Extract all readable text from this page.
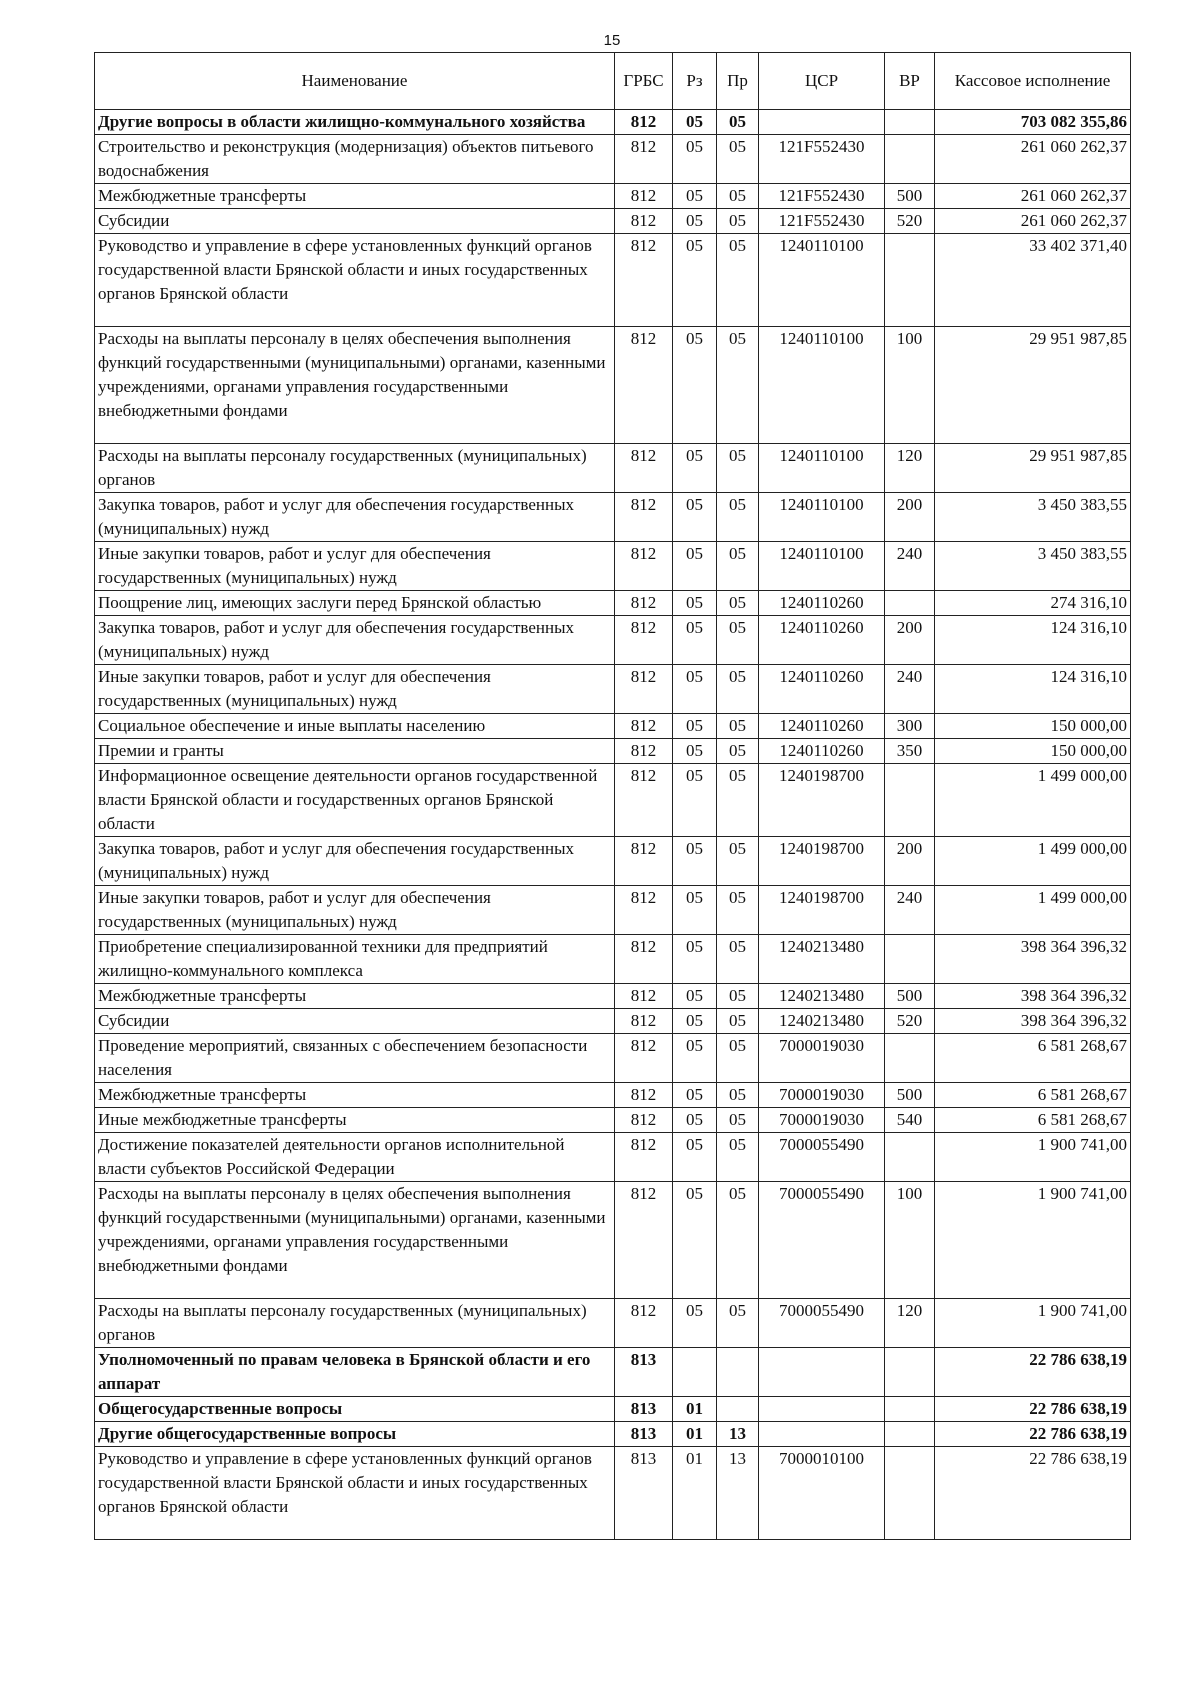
15
Наименование	ГРБС	Рз	Пр	ЦСР	ВР	Кассовое исполнение
Другие вопросы в области жилищно-коммунального хозяйства	812	05	05			703 082 355,86
Строительство и реконструкция (модернизация) объектов питьевого водоснабжения	812	05	05	121F552430		261 060 262,37
Межбюджетные трансферты	812	05	05	121F552430	500	261 060 262,37
Субсидии	812	05	05	121F552430	520	261 060 262,37
Руководство и управление в сфере установленных функций органов государственной власти Брянской области и иных государственных органов Брянской области	812	05	05	1240110100		33 402 371,40
Расходы на выплаты персоналу в целях обеспечения выполнения функций государственными (муниципальными) органами, казенными учреждениями, органами управления государственными внебюджетными фондами	812	05	05	1240110100	100	29 951 987,85
Расходы на выплаты персоналу государственных (муниципальных) органов	812	05	05	1240110100	120	29 951 987,85
Закупка товаров, работ и услуг для обеспечения государственных (муниципальных) нужд	812	05	05	1240110100	200	3 450 383,55
Иные закупки товаров, работ и услуг для обеспечения государственных (муниципальных) нужд	812	05	05	1240110100	240	3 450 383,55
Поощрение лиц, имеющих заслуги перед Брянской областью	812	05	05	1240110260		274 316,10
Закупка товаров, работ и услуг для обеспечения государственных (муниципальных) нужд	812	05	05	1240110260	200	124 316,10
Иные закупки товаров, работ и услуг для обеспечения государственных (муниципальных) нужд	812	05	05	1240110260	240	124 316,10
Социальное обеспечение и иные выплаты населению	812	05	05	1240110260	300	150 000,00
Премии и гранты	812	05	05	1240110260	350	150 000,00
Информационное освещение деятельности органов государственной власти Брянской области и государственных органов Брянской области	812	05	05	1240198700		1 499 000,00
Закупка товаров, работ и услуг для обеспечения государственных (муниципальных) нужд	812	05	05	1240198700	200	1 499 000,00
Иные закупки товаров, работ и услуг для обеспечения государственных (муниципальных) нужд	812	05	05	1240198700	240	1 499 000,00
Приобретение специализированной техники для предприятий жилищно-коммунального комплекса	812	05	05	1240213480		398 364 396,32
Межбюджетные трансферты	812	05	05	1240213480	500	398 364 396,32
Субсидии	812	05	05	1240213480	520	398 364 396,32
Проведение мероприятий, связанных с обеспечением безопасности населения	812	05	05	7000019030		6 581 268,67
Межбюджетные трансферты	812	05	05	7000019030	500	6 581 268,67
Иные межбюджетные трансферты	812	05	05	7000019030	540	6 581 268,67
Достижение показателей деятельности органов исполнительной власти субъектов Российской Федерации	812	05	05	7000055490		1 900 741,00
Расходы на выплаты персоналу в целях обеспечения выполнения функций государственными (муниципальными) органами, казенными учреждениями, органами управления государственными внебюджетными фондами	812	05	05	7000055490	100	1 900 741,00
Расходы на выплаты персоналу государственных (муниципальных) органов	812	05	05	7000055490	120	1 900 741,00
Уполномоченный по правам человека в Брянской области и его аппарат	813					22 786 638,19
Общегосударственные вопросы	813	01				22 786 638,19
Другие общегосударственные вопросы	813	01	13			22 786 638,19
Руководство и управление в сфере установленных функций органов государственной власти Брянской области и иных государственных органов Брянской области	813	01	13	7000010100		22 786 638,19
